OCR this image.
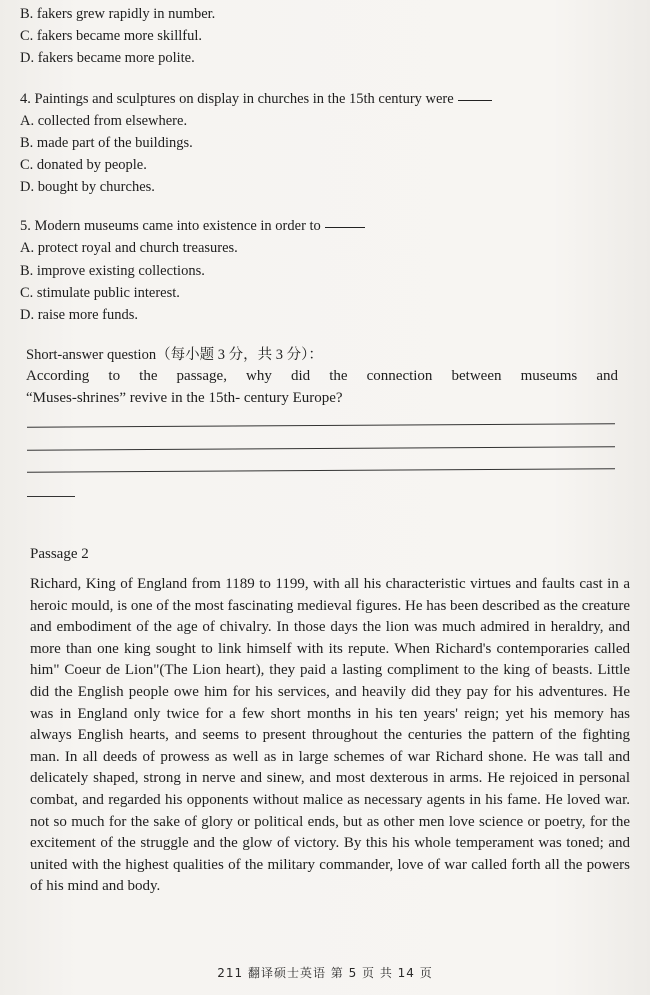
B. fakers grew rapidly in number.
C. fakers became more skillful.
D. fakers became more polite.
4. Paintings and sculptures on display in churches in the 15th century were
A. collected from elsewhere.
B. made part of the buildings.
C. donated by people.
D. bought by churches.
5. Modern museums came into existence in order to
A. protect royal and church treasures.
B. improve existing collections.
C. stimulate public interest.
D. raise more funds.
Short-answer question（每小题 3 分，共 3 分）：
According to the passage, why did the connection between museums and
“Muses-shrines” revive in the 15th- century Europe?
Passage 2

Richard, King of England from 1189 to 1199, with all his characteristic virtues and faults cast in a heroic mould, is one of the most fascinating medieval figures. He has been described as the creature and embodiment of the age of chivalry. In those days the lion was much admired in heraldry, and more than one king sought to link himself with its repute. When Richard's contemporaries called him" Coeur de Lion"(The Lion heart), they paid a lasting compliment to the king of beasts. Little did the English people owe him for his services, and heavily did they pay for his adventures. He was in England only twice for a few short months in his ten years' reign; yet his memory has always English hearts, and seems to present throughout the centuries the pattern of the fighting man. In all deeds of prowess as well as in large schemes of war Richard shone. He was tall and delicately shaped, strong in nerve and sinew, and most dexterous in arms. He rejoiced in personal combat, and regarded his opponents without malice as necessary agents in his fame. He loved war. not so much for the sake of glory or political ends, but as other men love science or poetry, for the excitement of the struggle and the glow of victory. By this his whole temperament was toned; and united with the highest qualities of the military commander, love of war called forth all the powers of his mind and body.

211 翻译硕士英语 第 5 页 共 14 页
